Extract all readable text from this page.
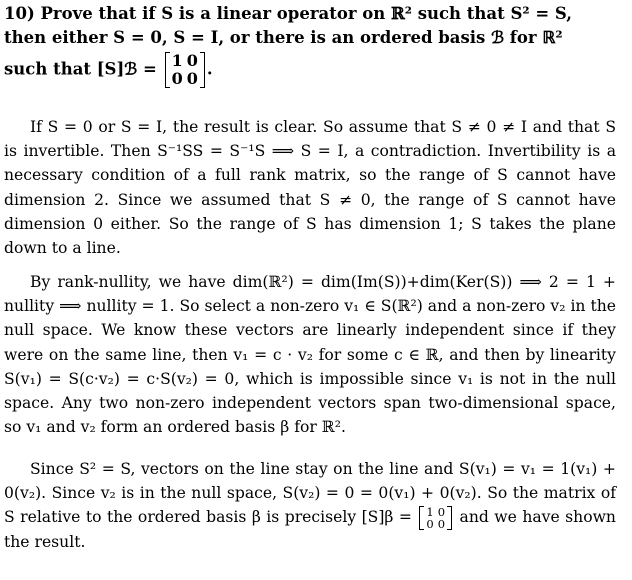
10) Prove that if S is a linear operator on ℝ² such that S² = S,
then either S = 0, S = I, or there is an ordered basis ℬ for ℝ²
such that [S]ℬ = 1	0
0	0 .
If S = 0 or S = I, the result is clear. So assume that S ≠ 0 ≠ I and that S is invertible. Then S⁻¹SS = S⁻¹S ⟹ S = I, a contradiction. Invertibility is a necessary condition of a full rank matrix, so the range of S cannot have dimension 2. Since we assumed that S ≠ 0, the range of S cannot have dimension 0 either. So the range of S has dimension 1; S takes the plane down to a line.
By rank-nullity, we have dim(ℝ²) = dim(Im(S))+dim(Ker(S)) ⟹ 2 = 1 + nullity ⟹ nullity = 1. So select a non-zero v₁ ∈ S(ℝ²) and a non-zero v₂ in the null space. We know these vectors are linearly independent since if they were on the same line, then v₁ = c · v₂ for some c ∈ ℝ, and then by linearity S(v₁) = S(c·v₂) = c·S(v₂) = 0, which is impossible since v₁ is not in the null space. Any two non-zero independent vectors span two-dimensional space, so v₁ and v₂ form an ordered basis β for ℝ².
Since S² = S, vectors on the line stay on the line and S(v₁) = v₁ = 1(v₁) + 0(v₂). Since v₂ is in the null space, S(v₂) = 0 = 0(v₁) + 0(v₂). So the matrix of S relative to the ordered basis β is precisely [S]β = 1	0
0	0 and we have shown the result.
